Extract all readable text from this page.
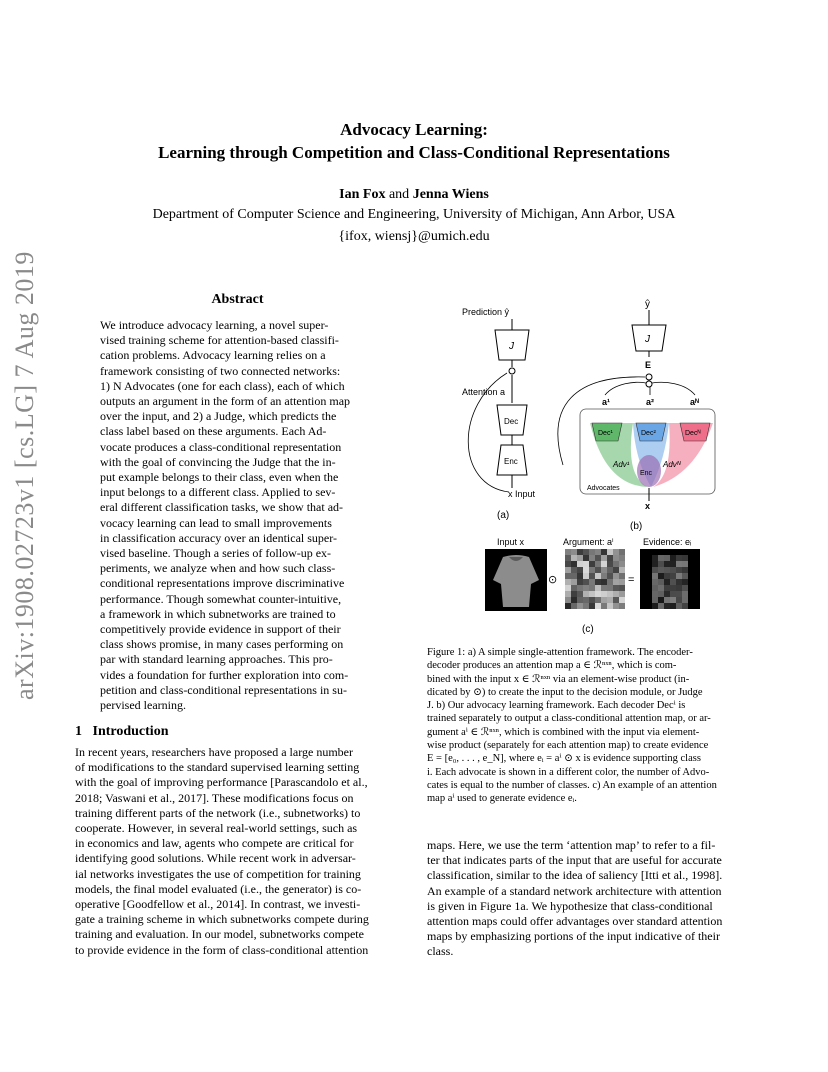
Advocacy Learning:
Learning through Competition and Class-Conditional Representations
Ian Fox and Jenna Wiens
Department of Computer Science and Engineering, University of Michigan, Ann Arbor, USA
{ifox, wiensj}@umich.edu
arXiv:1908.02723v1 [cs.LG] 7 Aug 2019	Abstract
We introduce advocacy learning, a novel super-
vised training scheme for attention-based classifi-
cation problems. Advocacy learning relies on a
framework consisting of two connected networks:
1) N Advocates (one for each class), each of which
outputs an argument in the form of an attention map
over the input, and 2) a Judge, which predicts the
class label based on these arguments. Each Ad-
vocate produces a class-conditional representation
with the goal of convincing the Judge that the in-
put example belongs to their class, even when the
input belongs to a different class. Applied to sev-
eral different classification tasks, we show that ad-
vocacy learning can lead to small improvements
in classification accuracy over an identical super-
vised baseline. Though a series of follow-up ex-
periments, we analyze when and how such class-
conditional representations improve discriminative
performance. Though somewhat counter-intuitive,
a framework in which subnetworks are trained to
competitively provide evidence in support of their
class shows promise, in many cases performing on
par with standard learning approaches. This pro-
vides a foundation for further exploration into com-
petition and class-conditional representations in su-
pervised learning.
1 Introduction
In recent years, researchers have proposed a large number
of modifications to the standard supervised learning setting
with the goal of improving performance [Parascandolo et al.,
2018; Vaswani et al., 2017]. These modifications focus on
training different parts of the network (i.e., subnetworks) to
cooperate. However, in several real-world settings, such as
in economics and law, agents who compete are critical for
identifying good solutions. While recent work in adversar-
ial networks investigates the use of competition for training
models, the final model evaluated (i.e., the generator) is co-
operative [Goodfellow et al., 2014]. In contrast, we investi-
gate a training scheme in which subnetworks compete during
training and evaluation. In our model, subnetworks compete
to provide evidence in the form of class-conditional attention
Prediction ŷ
J
Attention a
Dec
Enc
x Input
(a)
ŷ
J
E
a¹	a²	aᴺ
Dec¹	Dec²	Decᴺ
Adv¹	Advᴺ
Enc
Advocates
x
(b)
Input x
⊙
Argument: aⁱ
=
Evidence: eᵢ
(c)
Figure 1: a) A simple single-attention framework. The encoder-
decoder produces an attention map a ∈ ℛⁿˣⁿ, which is com-
bined with the input x ∈ ℛⁿˣⁿ via an element-wise product (in-
dicated by ⊙) to create the input to the decision module, or Judge
J. b) Our advocacy learning framework. Each decoder Decⁱ is
trained separately to output a class-conditional attention map, or ar-
gument aⁱ ∈ ℛⁿˣⁿ, which is combined with the input via element-
wise product (separately for each attention map) to create evidence
E = [e₀, . . . , e_N], where eᵢ = aⁱ ⊙ x is evidence supporting class
i. Each advocate is shown in a different color, the number of Advo-
cates is equal to the number of classes. c) An example of an attention
map aⁱ used to generate evidence eᵢ.
maps. Here, we use the term ‘attention map’ to refer to a fil-
ter that indicates parts of the input that are useful for accurate
classification, similar to the idea of saliency [Itti et al., 1998].
An example of a standard network architecture with attention
is given in Figure 1a. We hypothesize that class-conditional
attention maps could offer advantages over standard attention
maps by emphasizing portions of the input indicative of their
class.
